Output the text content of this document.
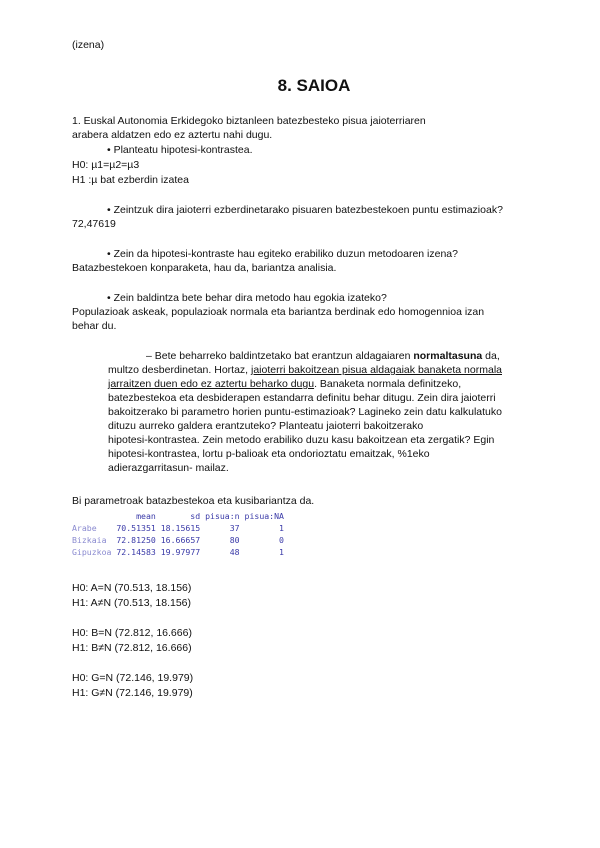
(izena)
8. SAIOA
1. Euskal Autonomia Erkidegoko biztanleen batezbesteko pisua jaioterriaren
arabera aldatzen edo ez aztertu nahi dugu.
• Planteatu hipotesi-kontrastea.
H0: µ1=µ2=µ3
H1 :µ bat ezberdin izatea
• Zeintzuk dira jaioterri ezberdinetarako pisuaren batezbestekoen puntu estimazioak?
72,47619
• Zein da hipotesi-kontraste hau egiteko erabiliko duzun metodoaren izena?
Batazbestekoen konparaketa, hau da, bariantza analisia.
• Zein baldintza bete behar dira metodo hau egokia izateko?
Populazioak askeak, populazioak normala eta bariantza berdinak edo homogennioa izan
behar du.
– Bete beharreko baldintzetako bat erantzun aldagaiaren normaltasuna da,
multzo desberdinetan. Hortaz, jaioterri bakoitzean pisua aldagaiak banaketa normala
jarraitzen duen edo ez aztertu beharko dugu. Banaketa normala definitzeko,
batezbestekoa eta desbiderapen estandarra definitu behar ditugu. Zein dira jaioterri
bakoitzerako bi parametro horien puntu-estimazioak? Lagineko zein datu kalkulatuko
dituzu aurreko galdera erantzuteko? Planteatu jaioterri bakoitzerako
hipotesi-kontrastea. Zein metodo erabiliko duzu kasu bakoitzean eta zergatik? Egin
hipotesi-kontrastea, lortu p-balioak eta ondorioztatu emaitzak, %1eko
adierazgarritasun- mailaz.
Bi parametroak batazbestekoa eta kusibariantza da.
mean       sd pisua:n pisua:NA
Arabe    70.51351 18.15615      37        1
Bizkaia  72.81250 16.66657      80        0
Gipuzkoa 72.14583 19.97977      48        1
H0: A=N (70.513, 18.156)
H1: A≠N (70.513, 18.156)
H0: B=N (72.812, 16.666)
H1: B≠N (72.812, 16.666)
H0: G=N (72.146, 19.979)
H1: G≠N (72.146, 19.979)
